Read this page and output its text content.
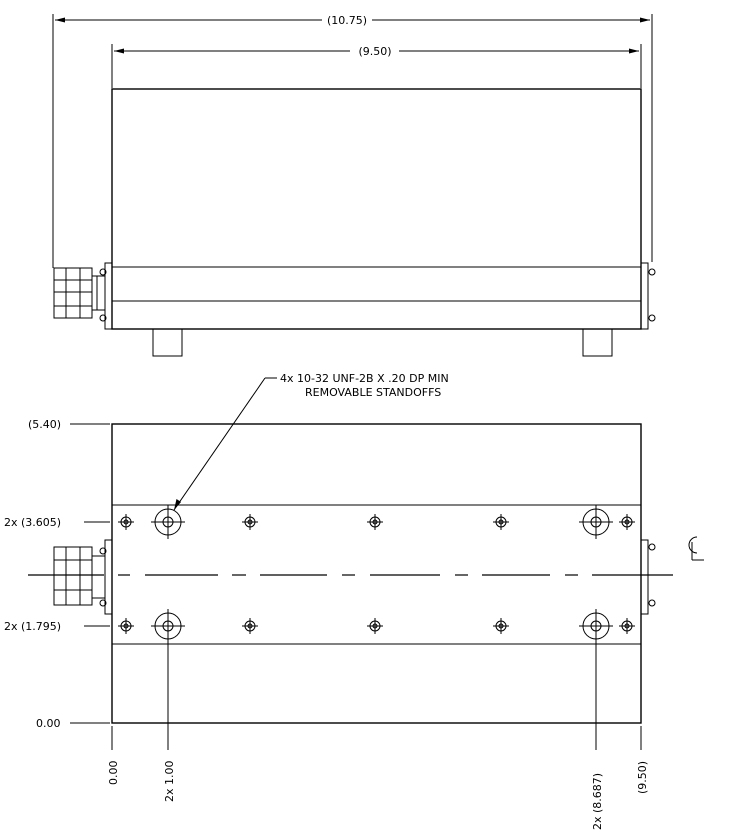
(10.75)
(9.50)
4x 10-32 UNF-2B X .20 DP MIN
REMOVABLE STANDOFFS
(5.40)
2x (3.605)
2x (1.795)
0.00
0.00	2x 1.00	2x (8.687)	(9.50)
